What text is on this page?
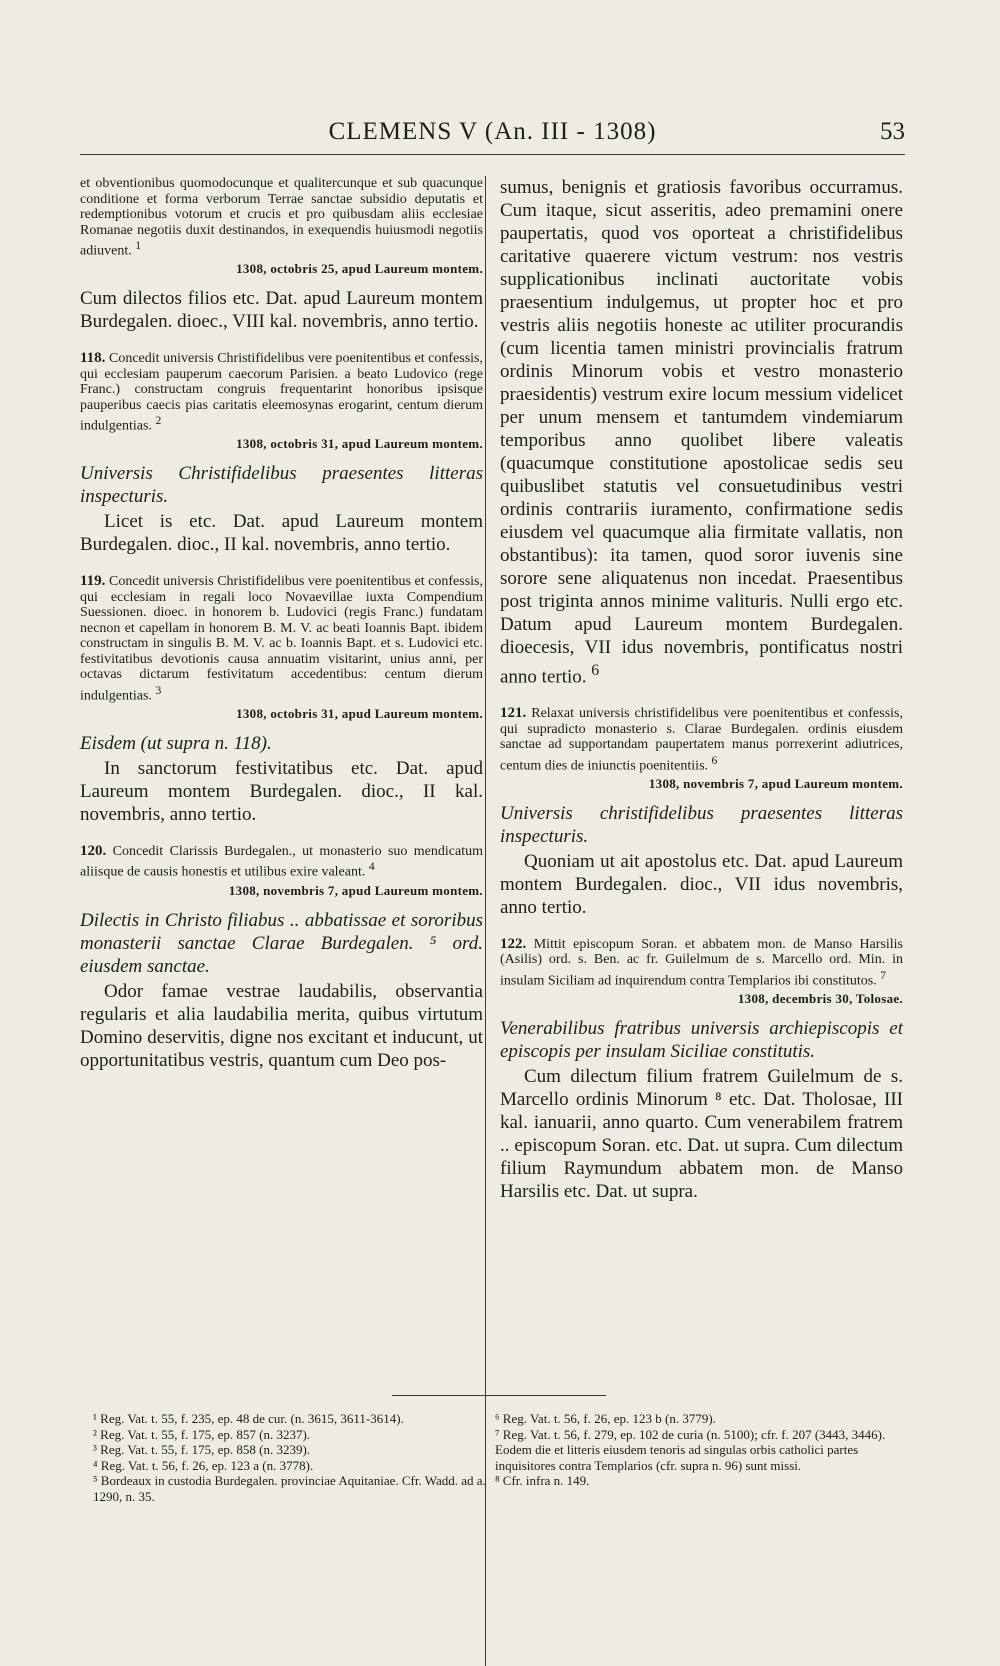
CLEMENS V (An. III - 1308)	53

et obventionibus quomodocunque et qualitercunque et sub quacunque conditione et forma verborum Terrae sanctae subsidio deputatis et redemptionibus votorum et crucis et pro quibusdam aliis ecclesiae Romanae negotiis duxit destinandos, in exequendis huiusmodi negotiis adiuvent. $^1$

1308, octobris 25, apud Laureum montem.

Cum dilectos filios etc. Dat. apud Laureum montem Burdegalen. dioec., VIII kal. novembris, anno tertio.

118. Concedit universis Christifidelibus vere poenitentibus et confessis, qui ecclesiam pauperum caecorum Parisien. a beato Ludovico (rege Franc.) constructam congruis frequentarint honoribus ipsisque pauperibus caecis pias caritatis eleemosynas erogarint, centum dierum indulgentias. $^2$

1308, octobris 31, apud Laureum montem.

Universis Christifidelibus praesentes litteras inspecturis.

Licet is etc. Dat. apud Laureum montem Burdegalen. dioc., II kal. novembris, anno tertio.

119. Concedit universis Christifidelibus vere poenitentibus et confessis, qui ecclesiam in regali loco Novaevillae iuxta Compendium Suessionen. dioec. in honorem b. Ludovici (regis Franc.) fundatam necnon et capellam in honorem B. M. V. ac beati Ioannis Bapt. ibidem constructam in singulis B. M. V. ac b. Ioannis Bapt. et s. Ludovici etc. festivitatibus devotionis causa annuatim visitarint, unius anni, per octavas dictarum festivitatum accedentibus: centum dierum indulgentias. $^3$

1308, octobris 31, apud Laureum montem.

Eisdem (ut supra n. 118).

In sanctorum festivitatibus etc. Dat. apud Laureum montem Burdegalen. dioc., II kal. novembris, anno tertio.

120. Concedit Clarissis Burdegalen., ut monasterio suo mendicatum aliisque de causis honestis et utilibus exire valeant. $^4$

1308, novembris 7, apud Laureum montem.

Dilectis in Christo filiabus .. abbatissae et sororibus monasterii sanctae Clarae Burdegalen. ⁵ ord. eiusdem sanctae.

Odor famae vestrae laudabilis, observantia regularis et alia laudabilia merita, quibus virtutum Domino deservitis, digne nos excitant et inducunt, ut opportunitatibus vestris, quantum cum Deo pos-

sumus, benignis et gratiosis favoribus occurramus. Cum itaque, sicut asseritis, adeo premamini onere paupertatis, quod vos oporteat a christifidelibus caritative quaerere victum vestrum: nos vestris supplicationibus inclinati auctoritate vobis praesentium indulgemus, ut propter hoc et pro vestris aliis negotiis honeste ac utiliter procurandis (cum licentia tamen ministri provincialis fratrum ordinis Minorum vobis et vestro monasterio praesidentis) vestrum exire locum messium videlicet per unum mensem et tantumdem vindemiarum temporibus anno quolibet libere valeatis (quacumque constitutione apostolicae sedis seu quibuslibet statutis vel consuetudinibus vestri ordinis contrariis iuramento, confirmatione sedis eiusdem vel quacumque alia firmitate vallatis, non obstantibus): ita tamen, quod soror iuvenis sine sorore sene aliquatenus non incedat. Praesentibus post triginta annos minime valituris. Nulli ergo etc. Datum apud Laureum montem Burdegalen. dioecesis, VII idus novembris, pontificatus nostri anno tertio. $^6$

121. Relaxat universis christifidelibus vere poenitentibus et confessis, qui supradicto monasterio s. Clarae Burdegalen. ordinis eiusdem sanctae ad supportandam paupertatem manus porrexerint adiutrices, centum dies de iniunctis poenitentiis. $^6$

1308, novembris 7, apud Laureum montem.

Universis christifidelibus praesentes litteras inspecturis.

Quoniam ut ait apostolus etc. Dat. apud Laureum montem Burdegalen. dioc., VII idus novembris, anno tertio.

122. Mittit episcopum Soran. et abbatem mon. de Manso Harsilis (Asilis) ord. s. Ben. ac fr. Guilelmum de s. Marcello ord. Min. in insulam Siciliam ad inquirendum contra Templarios ibi constitutos. $^7$

1308, decembris 30, Tolosae.

Venerabilibus fratribus universis archiepiscopis et episcopis per insulam Siciliae constitutis.

Cum dilectum filium fratrem Guilelmum de s. Marcello ordinis Minorum ⁸ etc. Dat. Tholosae, III kal. ianuarii, anno quarto. Cum venerabilem fratrem .. episcopum Soran. etc. Dat. ut supra. Cum dilectum filium Raymundum abbatem mon. de Manso Harsilis etc. Dat. ut supra.

¹ Reg. Vat. t. 55, f. 235, ep. 48 de cur. (n. 3615, 3611-3614).

² Reg. Vat. t. 55, f. 175, ep. 857 (n. 3237).

³ Reg. Vat. t. 55, f. 175, ep. 858 (n. 3239).

⁴ Reg. Vat. t. 56, f. 26, ep. 123 a (n. 3778).

⁵ Bordeaux in custodia Burdegalen. provinciae Aquitaniae. Cfr. Wadd. ad a. 1290, n. 35.

⁶ Reg. Vat. t. 56, f. 26, ep. 123 b (n. 3779).

⁷ Reg. Vat. t. 56, f. 279, ep. 102 de curia (n. 5100); cfr. f. 207 (3443, 3446). Eodem die et litteris eiusdem tenoris ad singulas orbis catholici partes inquisitores contra Templarios (cfr. supra n. 96) sunt missi.

⁸ Cfr. infra n. 149.
